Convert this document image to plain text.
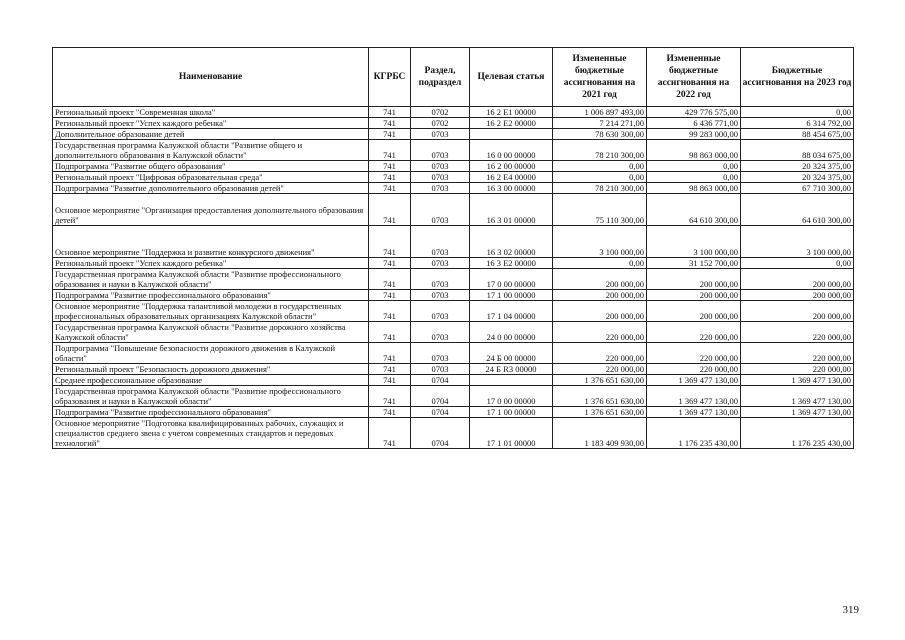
Наименование	КГРБС	Раздел, подраздел	Целевая статья	Измененные бюджетные ассигнования на 2021 год	Измененные бюджетные ассигнования на 2022 год	Бюджетные ассигнования на 2023 год
Региональный проект "Современная школа"	741	0702	16 2 E1 00000	1 006 897 493,00	429 776 575,00	0,00
Региональный проект "Успех каждого ребенка"	741	0702	16 2 E2 00000	7 214 271,00	6 436 771,00	6 314 792,00
Дополнительное образование детей	741	0703		78 630 300,00	99 283 000,00	88 454 675,00
Государственная программа Калужской области "Развитие общего и дополнительного образования в Калужской области"	741	0703	16 0 00 00000	78 210 300,00	98 863 000,00	88 034 675,00
Подпрограмма "Развитие общего образования"	741	0703	16 2 00 00000	0,00	0,00	20 324 375,00
Региональный проект "Цифровая образовательная среда"	741	0703	16 2 E4 00000	0,00	0,00	20 324 375,00
Подпрограмма "Развитие дополнительного образования детей"	741	0703	16 3 00 00000	78 210 300,00	98 863 000,00	67 710 300,00
Основное мероприятие "Организация предоставления дополнительного образования детей"	741	0703	16 3 01 00000	75 110 300,00	64 610 300,00	64 610 300,00
Основное мероприятие "Поддержка и развитие конкурсного движения"	741	0703	16 3 02 00000	3 100 000,00	3 100 000,00	3 100 000,00
Региональный проект "Успех каждого ребенка"	741	0703	16 3 E2 00000	0,00	31 152 700,00	0,00
Государственная программа Калужской области "Развитие профессионального образования и науки в Калужской области"	741	0703	17 0 00 00000	200 000,00	200 000,00	200 000,00
Подпрограмма "Развитие профессионального образования"	741	0703	17 1 00 00000	200 000,00	200 000,00	200 000,00
Основное мероприятие "Поддержка талантливой молодежи в государственных профессиональных образовательных организациях Калужской области"	741	0703	17 1 04 00000	200 000,00	200 000,00	200 000,00
Государственная программа Калужской области "Развитие дорожного хозяйства Калужской области"	741	0703	24 0 00 00000	220 000,00	220 000,00	220 000,00
Подпрограмма "Повышение безопасности дорожного движения в Калужской области"	741	0703	24 Б 00 00000	220 000,00	220 000,00	220 000,00
Региональный проект "Безопасность дорожного движения"	741	0703	24 Б R3 00000	220 000,00	220 000,00	220 000,00
Среднее профессиональное образование	741	0704		1 376 651 630,00	1 369 477 130,00	1 369 477 130,00
Государственная программа Калужской области "Развитие профессионального образования и науки в Калужской области"	741	0704	17 0 00 00000	1 376 651 630,00	1 369 477 130,00	1 369 477 130,00
Подпрограмма "Развитие профессионального образования"	741	0704	17 1 00 00000	1 376 651 630,00	1 369 477 130,00	1 369 477 130,00
Основное мероприятие "Подготовка квалифицированных рабочих, служащих и специалистов среднего звена с учетом современных стандартов и передовых технологий"	741	0704	17 1 01 00000	1 183 409 930,00	1 176 235 430,00	1 176 235 430,00
319
